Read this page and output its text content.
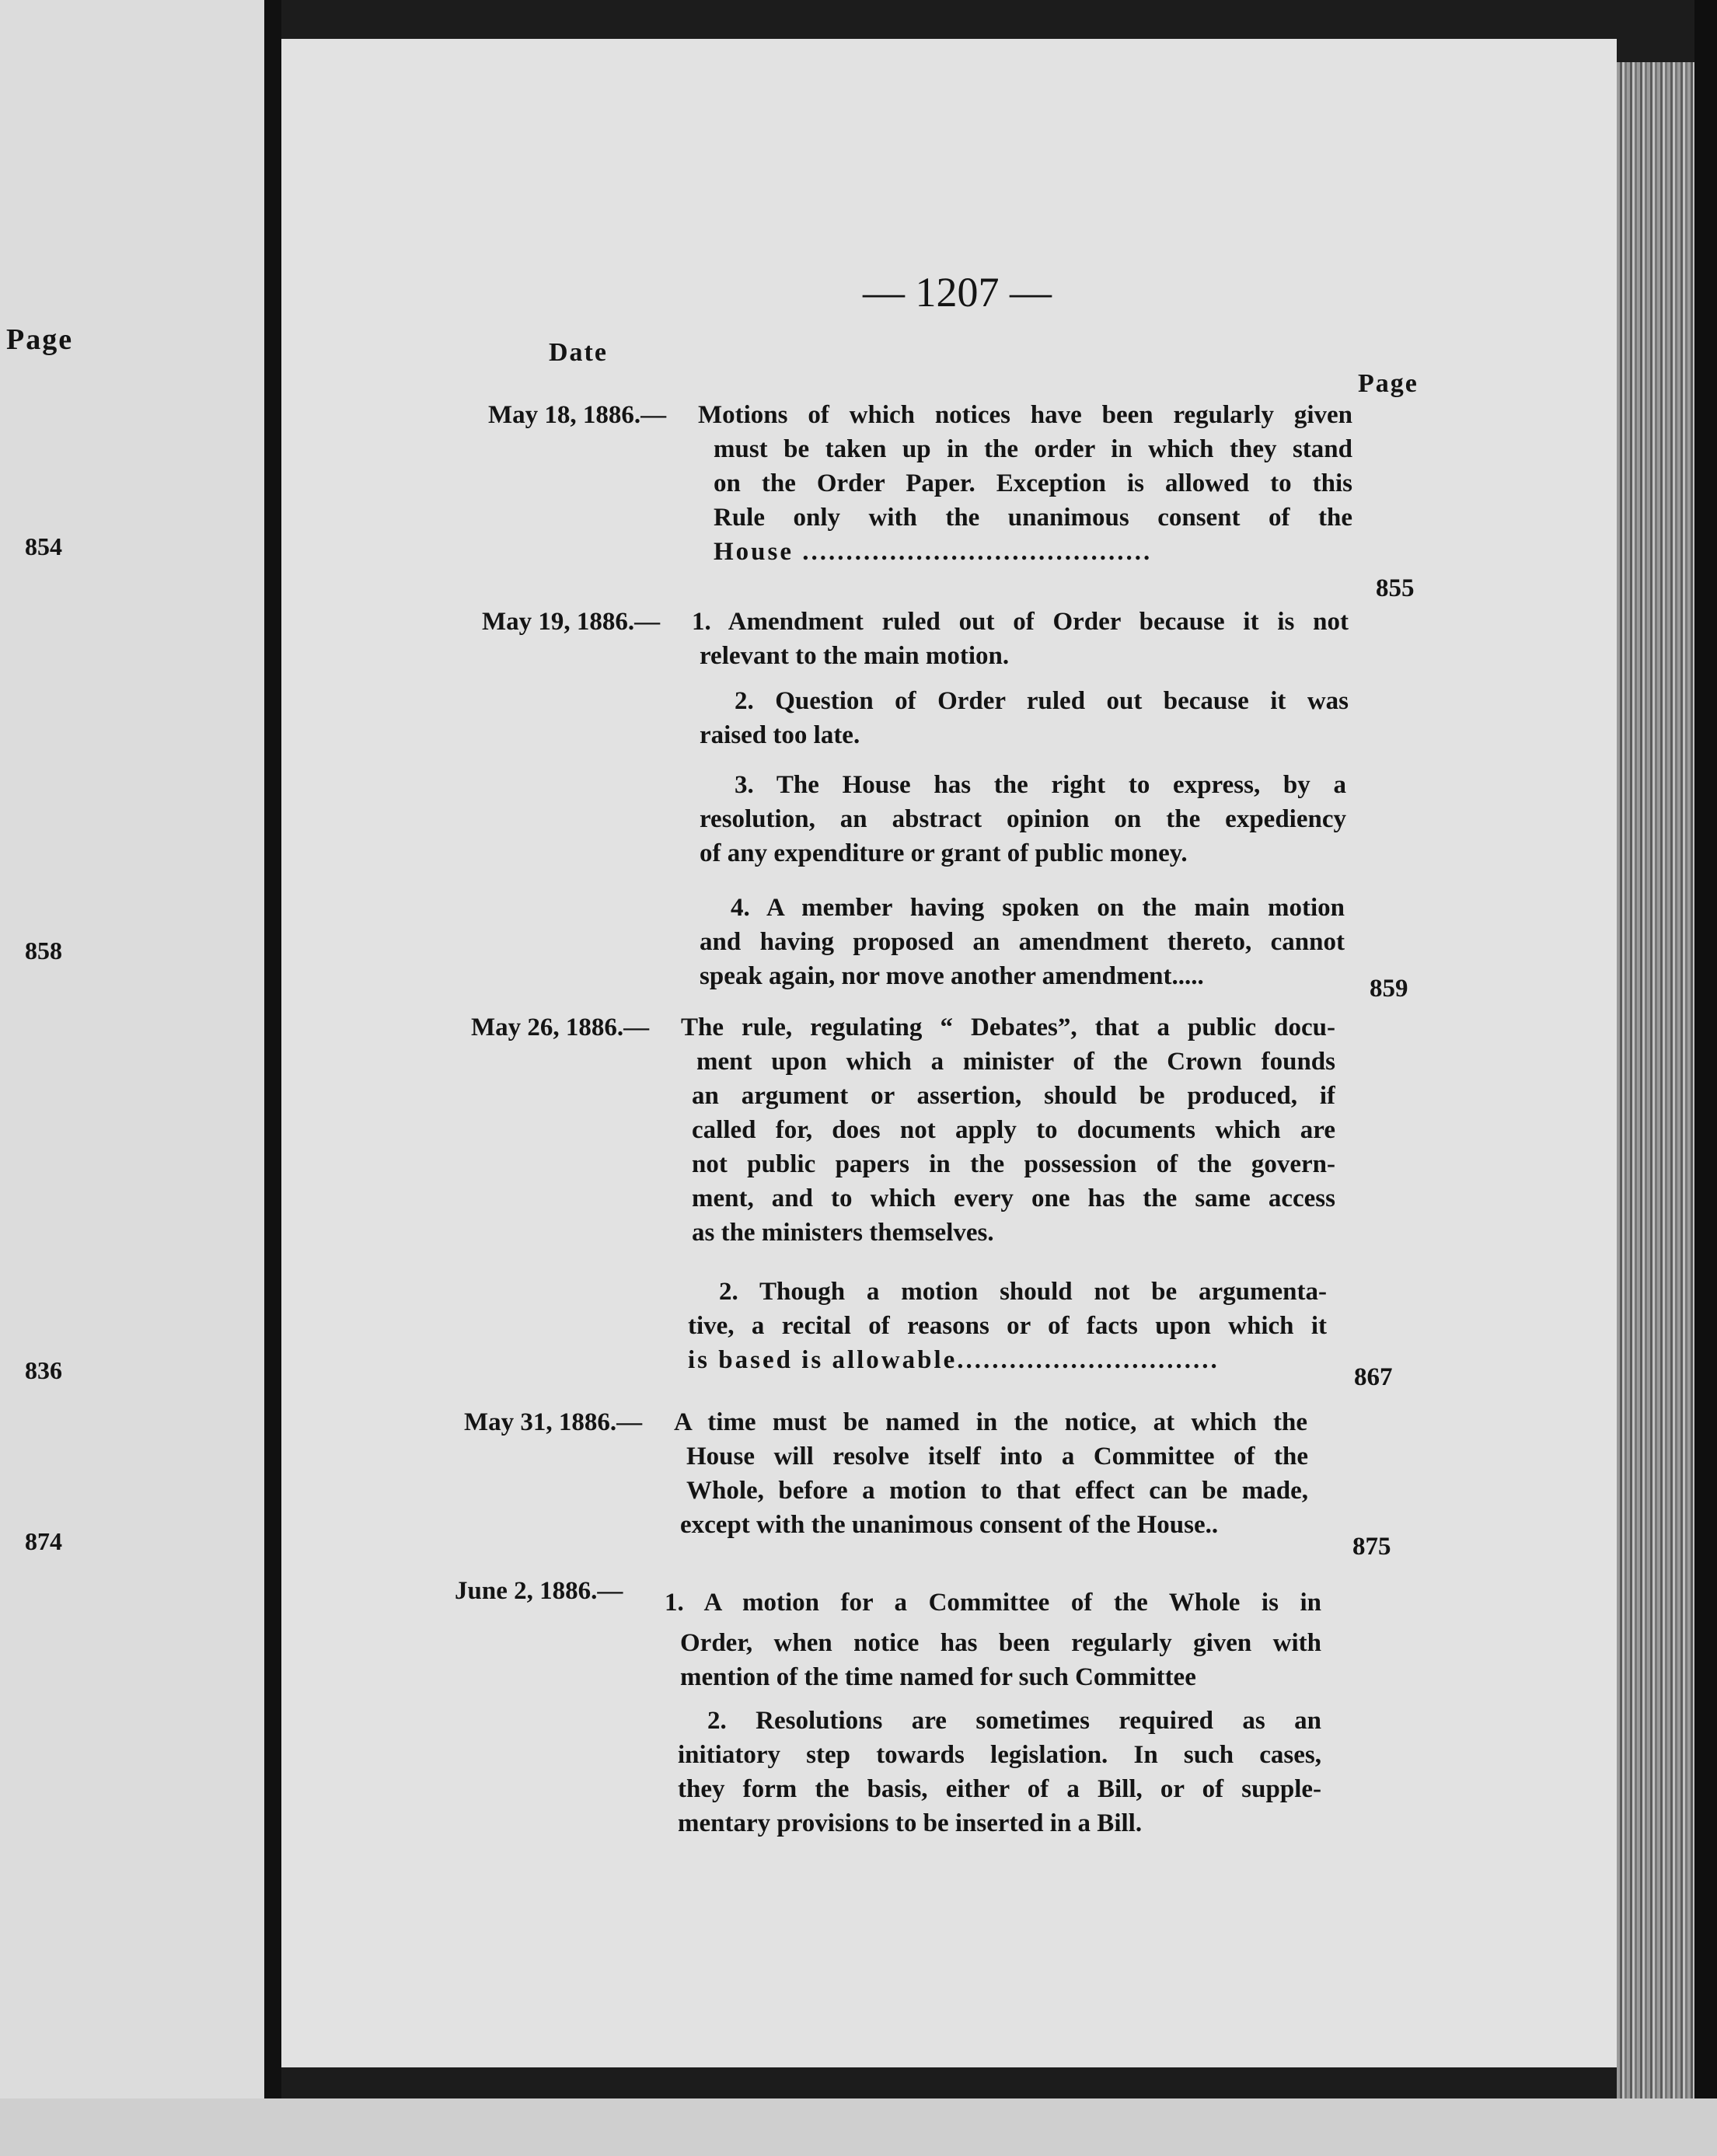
Page

854

858

836

874

— 1207 —

Date

Page

May 18, 1886.— Motions of which notices have been regularly given
must be taken up in the order in which they stand
on the Order Paper. Exception is allowed to this
Rule only with the unanimous consent of the
House ........................................
855
May 19, 1886.— 1. Amendment ruled out of Order because it is not
relevant to the main motion.
2. Question of Order ruled out because it was
raised too late.
3. The House has the right to express, by a
resolution, an abstract opinion on the expediency
of any expenditure or grant of public money.
4. A member having spoken on the main motion
and having proposed an amendment thereto, cannot
speak again, nor move another amendment.....	859
May 26, 1886.— The rule, regulating “ Debates”, that a public docu-
ment upon which a minister of the Crown founds
an argument or assertion, should be produced, if
called for, does not apply to documents which are
not public papers in the possession of the govern-
ment, and to which every one has the same access
as the ministers themselves.
2. Though a motion should not be argumenta-
tive, a recital of reasons or of facts upon which it
is based is allowable..............................
867
May 31, 1886.— A time must be named in the notice, at which the
House will resolve itself into a Committee of the
Whole, before a motion to that effect can be made,
except with the unanimous consent of the House..
875
June 2, 1886.— 1. A motion for a Committee of the Whole is in
Order, when notice has been regularly given with
mention of the time named for such Committee
2. Resolutions are sometimes required as an
initiatory step towards legislation. In such cases,
they form the basis, either of a Bill, or of supple-
mentary provisions to be inserted in a Bill.
